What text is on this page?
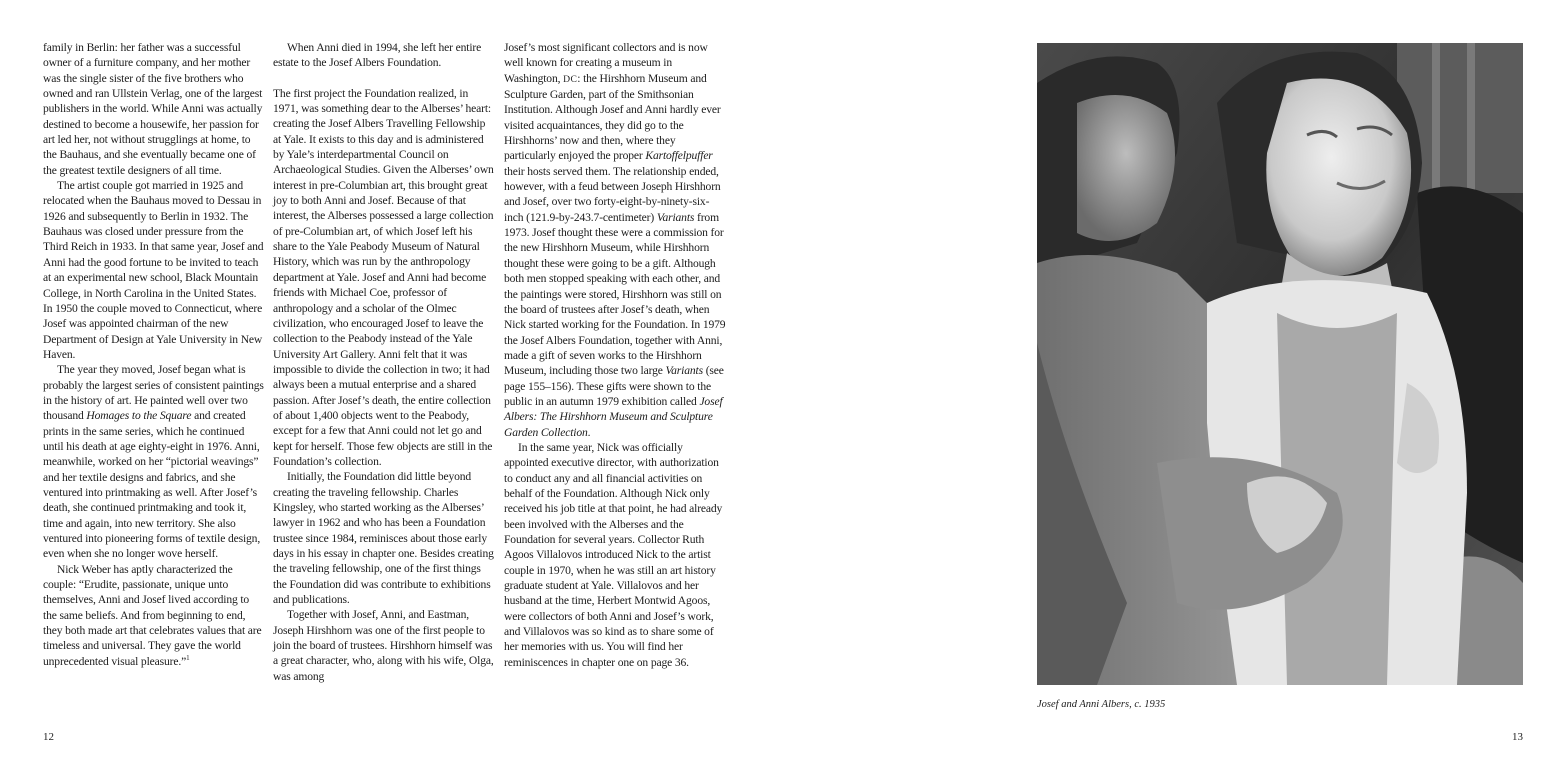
family in Berlin: her father was a successful owner of a furniture company, and her mother was the single sister of the five brothers who owned and ran Ullstein Verlag, one of the largest publishers in the world. While Anni was actually destined to become a housewife, her passion for art led her, not without strugglings at home, to the Bauhaus, and she eventually became one of the greatest textile designers of all time.

The artist couple got married in 1925 and relocated when the Bauhaus moved to Dessau in 1926 and subsequently to Berlin in 1932. The Bauhaus was closed under pressure from the Third Reich in 1933. In that same year, Josef and Anni had the good fortune to be invited to teach at an experimental new school, Black Mountain College, in North Carolina in the United States. In 1950 the couple moved to Connecticut, where Josef was appointed chairman of the new Department of Design at Yale University in New Haven.

The year they moved, Josef began what is probably the largest series of consistent paintings in the history of art. He painted well over two thousand Homages to the Square and created prints in the same series, which he continued until his death at age eighty-eight in 1976. Anni, meanwhile, worked on her “pictorial weavings” and her textile designs and fabrics, and she ventured into printmaking as well. After Josef’s death, she continued printmaking and took it, time and again, into new territory. She also ventured into pioneering forms of textile design, even when she no longer wove herself.

Nick Weber has aptly characterized the couple: “Erudite, passionate, unique unto themselves, Anni and Josef lived according to the same beliefs. And from beginning to end, they both made art that celebrates values that are timeless and universal. They gave the world unprecedented visual pleasure.”$^1$

When Anni died in 1994, she left her entire estate to the Josef Albers Foundation.

The first project the Foundation realized, in 1971, was something dear to the Alberses’ heart: creating the Josef Albers Travelling Fellowship at Yale. It exists to this day and is administered by Yale’s interdepartmental Council on Archaeological Studies. Given the Alberses’ own interest in pre-Columbian art, this brought great joy to both Anni and Josef. Because of that interest, the Alberses possessed a large collection of pre-Columbian art, of which Josef left his share to the Yale Peabody Museum of Natural History, which was run by the anthropology department at Yale. Josef and Anni had become friends with Michael Coe, professor of anthropology and a scholar of the Olmec civilization, who encouraged Josef to leave the collection to the Peabody instead of the Yale University Art Gallery. Anni felt that it was impossible to divide the collection in two; it had always been a mutual enterprise and a shared passion. After Josef’s death, the entire collection of about 1,400 objects went to the Peabody, except for a few that Anni could not let go and kept for herself. Those few objects are still in the Foundation’s collection.

Initially, the Foundation did little beyond creating the traveling fellowship. Charles Kingsley, who started working as the Alberses’ lawyer in 1962 and who has been a Foundation trustee since 1984, reminisces about those early days in his essay in chapter one. Besides creating the traveling fellowship, one of the first things the Foundation did was contribute to exhibitions and publications.

Together with Josef, Anni, and Eastman, Joseph Hirshhorn was one of the first people to join the board of trustees. Hirshhorn himself was a great character, who, along with his wife, Olga, was among

Josef’s most significant collectors and is now well known for creating a museum in Washington, DC: the Hirshhorn Museum and Sculpture Garden, part of the Smithsonian Institution. Although Josef and Anni hardly ever visited acquaintances, they did go to the Hirshhorns’ now and then, where they particularly enjoyed the proper Kartoffelpuffer their hosts served them. The relationship ended, however, with a feud between Joseph Hirshhorn and Josef, over two forty-eight-by-ninety-six-inch (121.9-by-243.7-centimeter) Variants from 1973. Josef thought these were a commission for the new Hirshhorn Museum, while Hirshhorn thought these were going to be a gift. Although both men stopped speaking with each other, and the paintings were stored, Hirshhorn was still on the board of trustees after Josef’s death, when Nick started working for the Foundation. In 1979 the Josef Albers Foundation, together with Anni, made a gift of seven works to the Hirshhorn Museum, including those two large Variants (see page 155–156). These gifts were shown to the public in an autumn 1979 exhibition called Josef Albers: The Hirshhorn Museum and Sculpture Garden Collection.

In the same year, Nick was officially appointed executive director, with authorization to conduct any and all financial activities on behalf of the Foundation. Although Nick only received his job title at that point, he had already been involved with the Alberses and the Foundation for several years. Collector Ruth Agoos Villalovos introduced Nick to the artist couple in 1970, when he was still an art history graduate student at Yale. Villalovos and her husband at the time, Herbert Montwid Agoos, were collectors of both Anni and Josef’s work, and Villalovos was so kind as to share some of her memories with us. You will find her reminiscences in chapter one on page 36.

12	13
Josef and Anni Albers, c. 1935
